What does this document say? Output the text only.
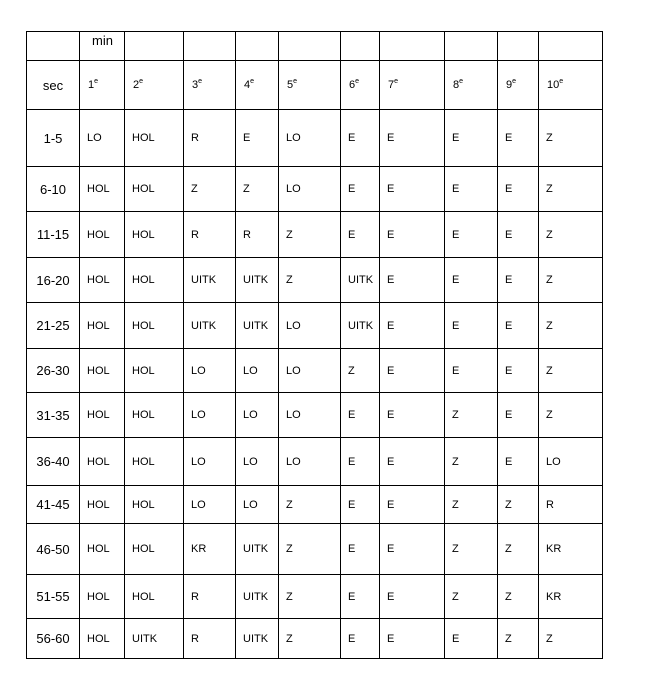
	min									
sec	1e	2e	3e	4e	5e	6e	7e	8e	9e	10e
1-5	LO	HOL	R	E	LO	E	E	E	E	Z
6-10	HOL	HOL	Z	Z	LO	E	E	E	E	Z
11-15	HOL	HOL	R	R	Z	E	E	E	E	Z
16-20	HOL	HOL	UITK	UITK	Z	UITK	E	E	E	Z
21-25	HOL	HOL	UITK	UITK	LO	UITK	E	E	E	Z
26-30	HOL	HOL	LO	LO	LO	Z	E	E	E	Z
31-35	HOL	HOL	LO	LO	LO	E	E	Z	E	Z
36-40	HOL	HOL	LO	LO	LO	E	E	Z	E	LO
41-45	HOL	HOL	LO	LO	Z	E	E	Z	Z	R
46-50	HOL	HOL	KR	UITK	Z	E	E	Z	Z	KR
51-55	HOL	HOL	R	UITK	Z	E	E	Z	Z	KR
56-60	HOL	UITK	R	UITK	Z	E	E	E	Z	Z
